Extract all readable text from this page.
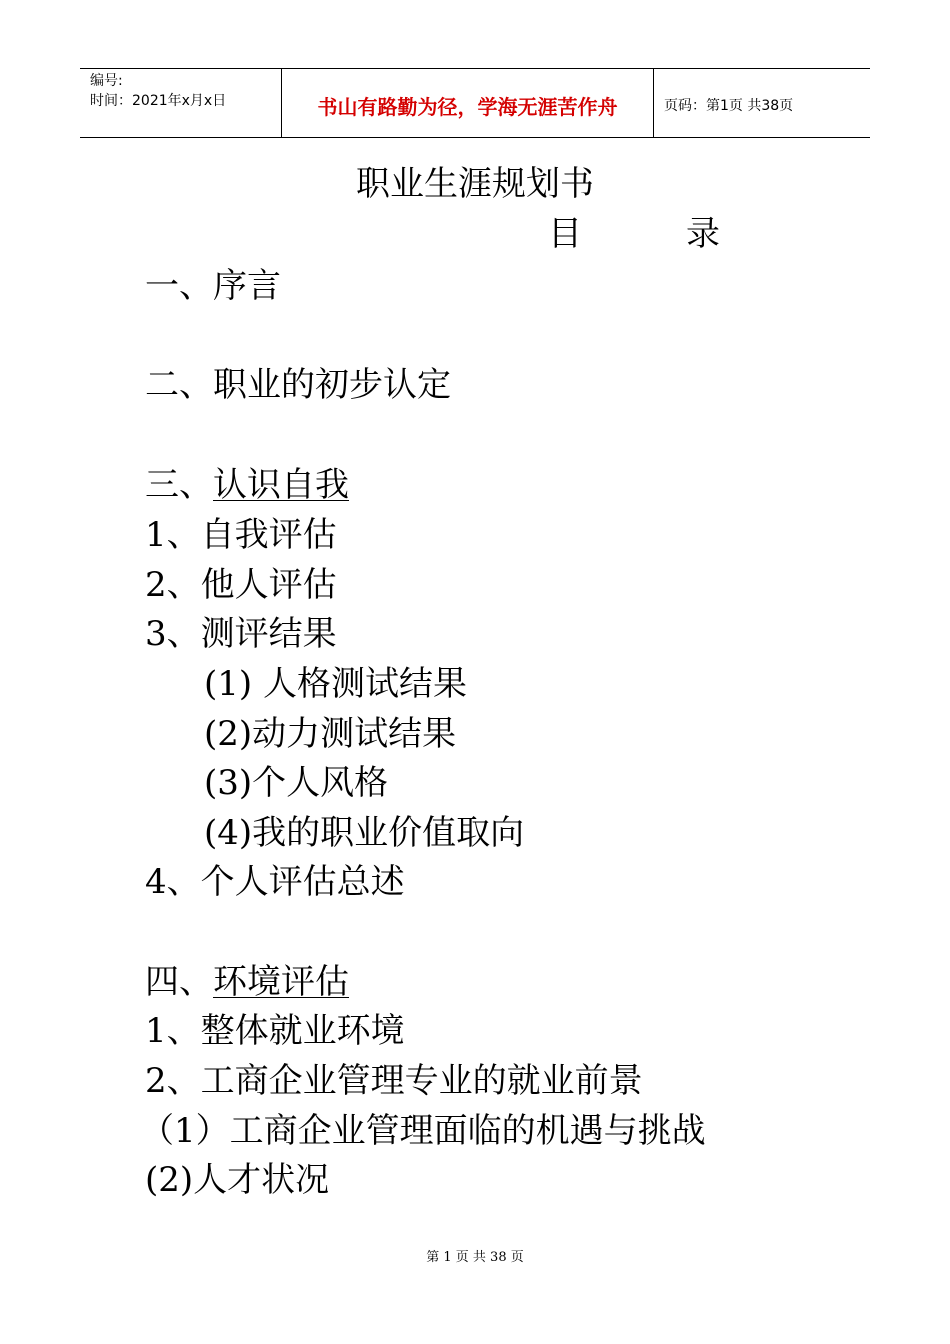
编号:
时间：2021年x月x日	书山有路勤为径，学海无涯苦作舟	页码：第1页 共38页
职业生涯规划书
目	录
一、序言
二、职业的初步认定
三、认识自我
1、自我评估
2、他人评估
3、测评结果
(1) 人格测试结果
(2)动力测试结果
(3)个人风格
(4)我的职业价值取向
4、个人评估总述
四、环境评估
1、整体就业环境
2、工商企业管理专业的就业前景
（1）工商企业管理面临的机遇与挑战
(2)人才状况
第 1 页 共 38 页
